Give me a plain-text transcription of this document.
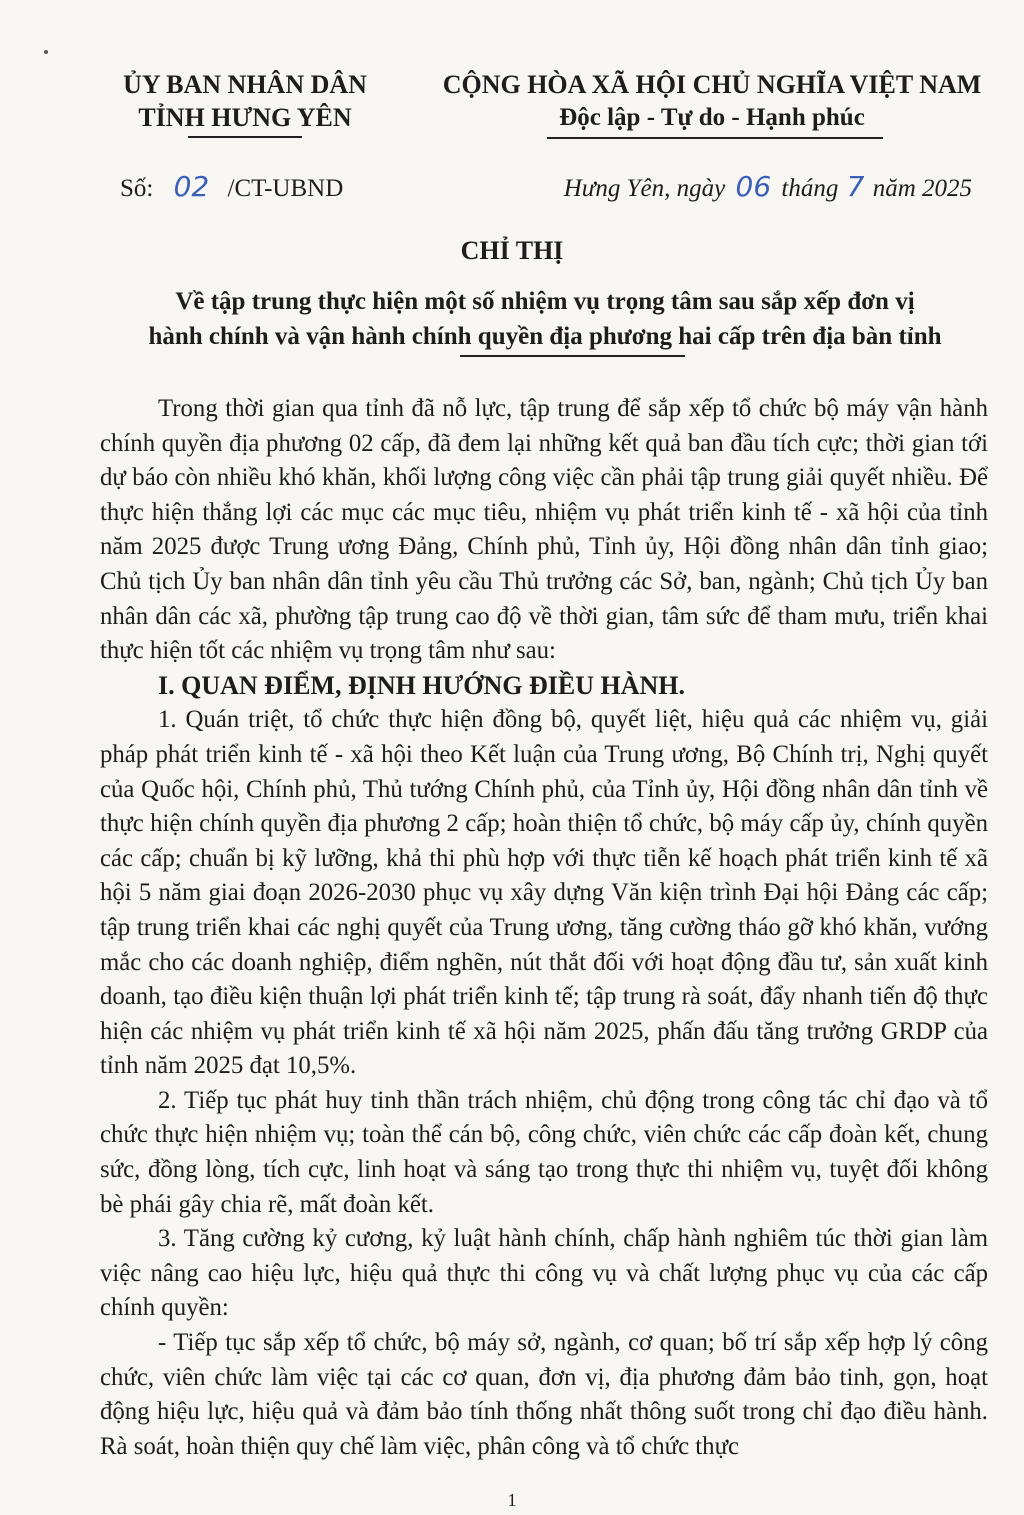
ỦY BAN NHÂN DÂN
TỈNH HƯNG YÊN
CỘNG HÒA XÃ HỘI CHỦ NGHĨA VIỆT NAM
Độc lập - Tự do - Hạnh phúc
Số: 02 /CT-UBND	Hưng Yên, ngày 06 tháng 7 năm 2025
CHỈ THỊ
Về tập trung thực hiện một số nhiệm vụ trọng tâm sau sắp xếp đơn vị
hành chính và vận hành chính quyền địa phương hai cấp trên địa bàn tỉnh

Trong thời gian qua tỉnh đã nỗ lực, tập trung để sắp xếp tổ chức bộ máy vận hành chính quyền địa phương 02 cấp, đã đem lại những kết quả ban đầu tích cực; thời gian tới dự báo còn nhiều khó khăn, khối lượng công việc cần phải tập trung giải quyết nhiều. Để thực hiện thắng lợi các mục các mục tiêu, nhiệm vụ phát triển kinh tế - xã hội của tỉnh năm 2025 được Trung ương Đảng, Chính phủ, Tỉnh ủy, Hội đồng nhân dân tỉnh giao; Chủ tịch Ủy ban nhân dân tỉnh yêu cầu Thủ trưởng các Sở, ban, ngành; Chủ tịch Ủy ban nhân dân các xã, phường tập trung cao độ về thời gian, tâm sức để tham mưu, triển khai thực hiện tốt các nhiệm vụ trọng tâm như sau:

I. QUAN ĐIỂM, ĐỊNH HƯỚNG ĐIỀU HÀNH.

1. Quán triệt, tổ chức thực hiện đồng bộ, quyết liệt, hiệu quả các nhiệm vụ, giải pháp phát triển kinh tế - xã hội theo Kết luận của Trung ương, Bộ Chính trị, Nghị quyết của Quốc hội, Chính phủ, Thủ tướng Chính phủ, của Tỉnh ủy, Hội đồng nhân dân tỉnh về thực hiện chính quyền địa phương 2 cấp; hoàn thiện tổ chức, bộ máy cấp ủy, chính quyền các cấp; chuẩn bị kỹ lưỡng, khả thi phù hợp với thực tiễn kế hoạch phát triển kinh tế xã hội 5 năm giai đoạn 2026-2030 phục vụ xây dựng Văn kiện trình Đại hội Đảng các cấp; tập trung triển khai các nghị quyết của Trung ương, tăng cường tháo gỡ khó khăn, vướng mắc cho các doanh nghiệp, điểm nghẽn, nút thắt đối với hoạt động đầu tư, sản xuất kinh doanh, tạo điều kiện thuận lợi phát triển kinh tế; tập trung rà soát, đẩy nhanh tiến độ thực hiện các nhiệm vụ phát triển kinh tế xã hội năm 2025, phấn đấu tăng trưởng GRDP của tỉnh năm 2025 đạt 10,5%.

2. Tiếp tục phát huy tinh thần trách nhiệm, chủ động trong công tác chỉ đạo và tổ chức thực hiện nhiệm vụ; toàn thể cán bộ, công chức, viên chức các cấp đoàn kết, chung sức, đồng lòng, tích cực, linh hoạt và sáng tạo trong thực thi nhiệm vụ, tuyệt đối không bè phái gây chia rẽ, mất đoàn kết.

3. Tăng cường kỷ cương, kỷ luật hành chính, chấp hành nghiêm túc thời gian làm việc nâng cao hiệu lực, hiệu quả thực thi công vụ và chất lượng phục vụ của các cấp chính quyền:

- Tiếp tục sắp xếp tổ chức, bộ máy sở, ngành, cơ quan; bố trí sắp xếp hợp lý công chức, viên chức làm việc tại các cơ quan, đơn vị, địa phương đảm bảo tinh, gọn, hoạt động hiệu lực, hiệu quả và đảm bảo tính thống nhất thông suốt trong chỉ đạo điều hành. Rà soát, hoàn thiện quy chế làm việc, phân công và tổ chức thực

1
